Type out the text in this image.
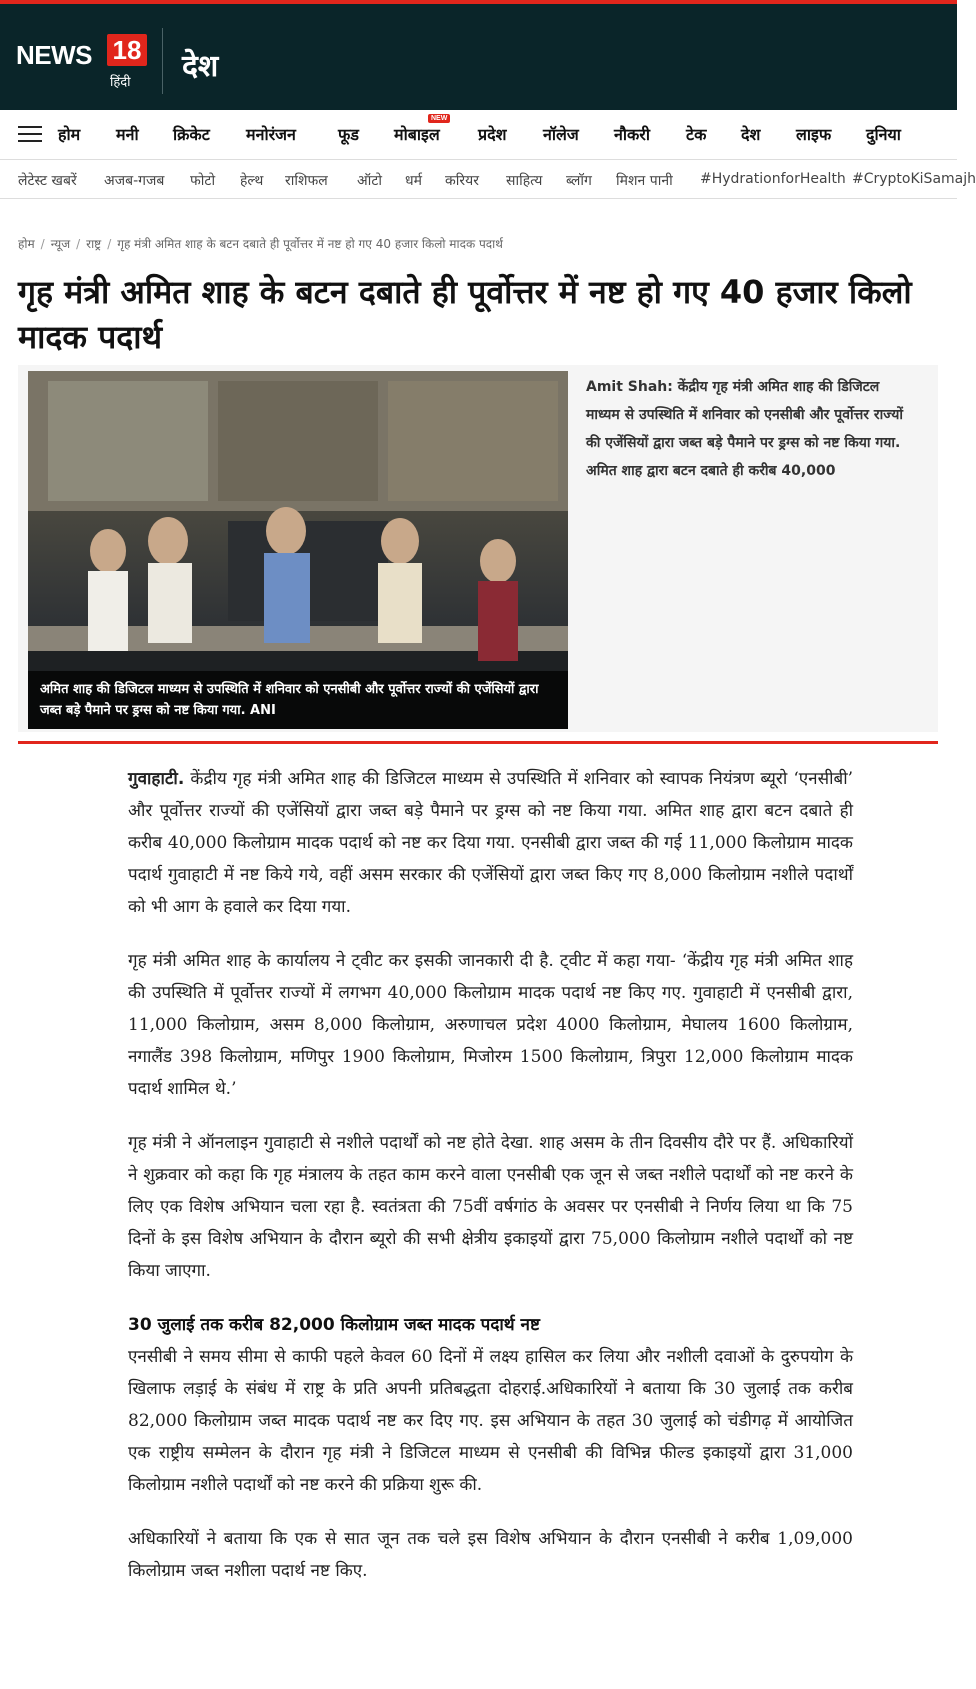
NEWS 18
हिंदी देश
होम मनी क्रिकेट मनोरंजन	फूड मोबाइल
NEW
प्रदेश नॉलेज नौकरी टेक देश लाइफ दुनिया
लेटेस्ट खबरें अजब-गजब फोटो हेल्थ राशिफल ऑटो धर्म करियर साहित्य ब्लॉग मिशन पानी #HydrationforHealth #CryptoKiSamajh
होम / न्यूज / राष्ट्र / गृह मंत्री अमित शाह के बटन दबाते ही पूर्वोत्तर में नष्ट हो गए 40 हजार किलो मादक पदार्थ
गृह मंत्री अमित शाह के बटन दबाते ही पूर्वोत्तर में नष्ट हो गए 40 हजार किलो मादक पदार्थ
अमित शाह की डिजिटल माध्यम से उपस्थिति में शनिवार को एनसीबी और पूर्वोत्तर राज्यों की एजेंसियों द्वारा जब्त बड़े पैमाने पर ड्रग्स को नष्ट किया गया. ANI
Amit Shah: केंद्रीय गृह मंत्री अमित शाह की डिजिटल माध्यम से उपस्थिति में शनिवार को एनसीबी और पूर्वोत्तर राज्यों की एजेंसियों द्वारा जब्त बड़े पैमाने पर ड्रग्स को नष्ट किया गया. अमित शाह द्वारा बटन दबाते ही करीब 40,000

गुवाहाटी. केंद्रीय गृह मंत्री अमित शाह की डिजिटल माध्यम से उपस्थिति में शनिवार को स्वापक नियंत्रण ब्यूरो ‘एनसीबी’ और पूर्वोत्तर राज्यों की एजेंसियों द्वारा जब्त बड़े पैमाने पर ड्रग्स को नष्ट किया गया. अमित शाह द्वारा बटन दबाते ही करीब 40,000 किलोग्राम मादक पदार्थ को नष्ट कर दिया गया. एनसीबी द्वारा जब्त की गई 11,000 किलोग्राम मादक पदार्थ गुवाहाटी में नष्ट किये गये, वहीं असम सरकार की एजेंसियों द्वारा जब्त किए गए 8,000 किलोग्राम नशीले पदार्थों को भी आग के हवाले कर दिया गया.

गृह मंत्री अमित शाह के कार्यालय ने ट्वीट कर इसकी जानकारी दी है. ट्वीट में कहा गया- ‘केंद्रीय गृह मंत्री अमित शाह की उपस्थिति में पूर्वोत्तर राज्यों में लगभग 40,000 किलोग्राम मादक पदार्थ नष्ट किए गए. गुवाहाटी में एनसीबी द्वारा, 11,000 किलोग्राम, असम 8,000 किलोग्राम, अरुणाचल प्रदेश 4000 किलोग्राम, मेघालय 1600 किलोग्राम, नगालैंड 398 किलोग्राम, मणिपुर 1900 किलोग्राम, मिजोरम 1500 किलोग्राम, त्रिपुरा 12,000 किलोग्राम मादक पदार्थ शामिल थे.’

गृह मंत्री ने ऑनलाइन गुवाहाटी से नशीले पदार्थों को नष्ट होते देखा. शाह असम के तीन दिवसीय दौरे पर हैं. अधिकारियों ने शुक्रवार को कहा कि गृह मंत्रालय के तहत काम करने वाला एनसीबी एक जून से जब्त नशीले पदार्थों को नष्ट करने के लिए एक विशेष अभियान चला रहा है. स्वतंत्रता की 75वीं वर्षगांठ के अवसर पर एनसीबी ने निर्णय लिया था कि 75 दिनों के इस विशेष अभियान के दौरान ब्यूरो की सभी क्षेत्रीय इकाइयों द्वारा 75,000 किलोग्राम नशीले पदार्थों को नष्ट किया जाएगा.

30 जुलाई तक करीब 82,000 किलोग्राम जब्त मादक पदार्थ नष्ट

एनसीबी ने समय सीमा से काफी पहले केवल 60 दिनों में लक्ष्य हासिल कर लिया और नशीली दवाओं के दुरुपयोग के खिलाफ लड़ाई के संबंध में राष्ट्र के प्रति अपनी प्रतिबद्धता दोहराई.अधिकारियों ने बताया कि 30 जुलाई तक करीब 82,000 किलोग्राम जब्त मादक पदार्थ नष्ट कर दिए गए. इस अभियान के तहत 30 जुलाई को चंडीगढ़ में आयोजित एक राष्ट्रीय सम्मेलन के दौरान गृह मंत्री ने डिजिटल माध्यम से एनसीबी की विभिन्न फील्ड इकाइयों द्वारा 31,000 किलोग्राम नशीले पदार्थों को नष्ट करने की प्रक्रिया शुरू की.

अधिकारियों ने बताया कि एक से सात जून तक चले इस विशेष अभियान के दौरान एनसीबी ने करीब 1,09,000 किलोग्राम जब्त नशीला पदार्थ नष्ट किए.
